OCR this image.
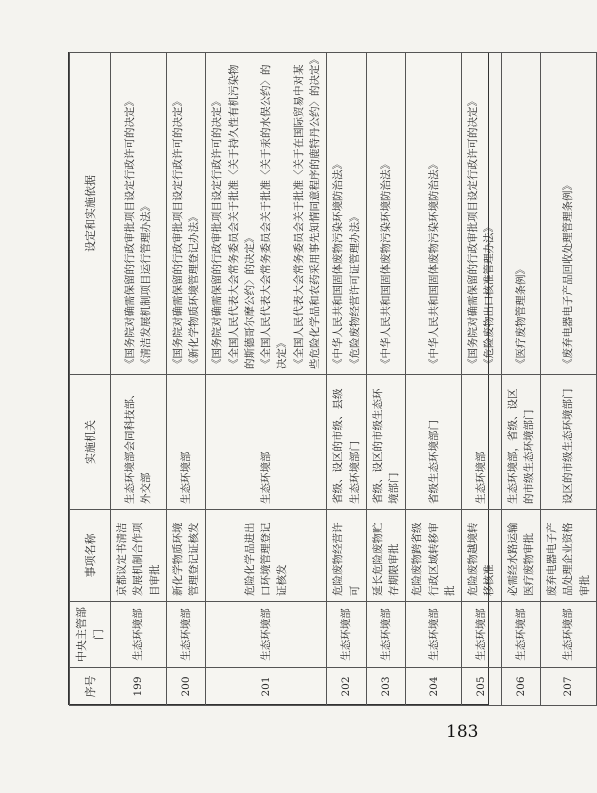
序号	中央主管部门	事项名称	实施机关	设定和实施依据
199	生态环境部	京都议定书清洁发展机制合作项目审批	生态环境部会同科技部、外交部	《国务院对确需保留的行政审批项目设定行政许可的决定》 《清洁发展机制项目运行管理办法》

200	生态环境部	新化学物质环境管理登记证核发	生态环境部	《国务院对确需保留的行政审批项目设定行政许可的决定》 《新化学物质环境管理登记办法》

201	生态环境部	危险化学品进出口环境管理登记证核发	生态环境部	《国务院对确需保留的行政审批项目设定行政许可的决定》 《全国人民代表大会常务委员会关于批准〈关于持久性有机污染物的斯德哥尔摩公约〉的决定》 《全国人民代表大会常务委员会关于批准〈关于汞的水俣公约〉的决定》 《全国人民代表大会常务委员会关于批准〈关于在国际贸易中对某些危险化学品和农药采用事先知情同意程序的鹿特丹公约〉的决定》

202	生态环境部	危险废物经营许可	省级、设区的市级、县级生态环境部门	《中华人民共和国固体废物污染环境防治法》 《危险废物经营许可证管理办法》

203	生态环境部	延长危险废物贮存期限审批	省级、设区的市级生态环境部门	《中华人民共和国固体废物污染环境防治法》

204	生态环境部	危险废物跨省级行政区域转移审批	省级生态环境部门	《中华人民共和国固体废物污染环境防治法》

205	生态环境部	危险废物越境转移核准	生态环境部	《国务院对确需保留的行政审批项目设定行政许可的决定》 《危险废物出口核准管理办法》

206	生态环境部	必需经水路运输医疗废物审批	生态环境部，省级、设区的市级生态环境部门	《医疗废物管理条例》

207	生态环境部	废弃电器电子产品处理企业资格审批	设区的市级生态环境部门	《废弃电器电子产品回收处理管理条例》
183
